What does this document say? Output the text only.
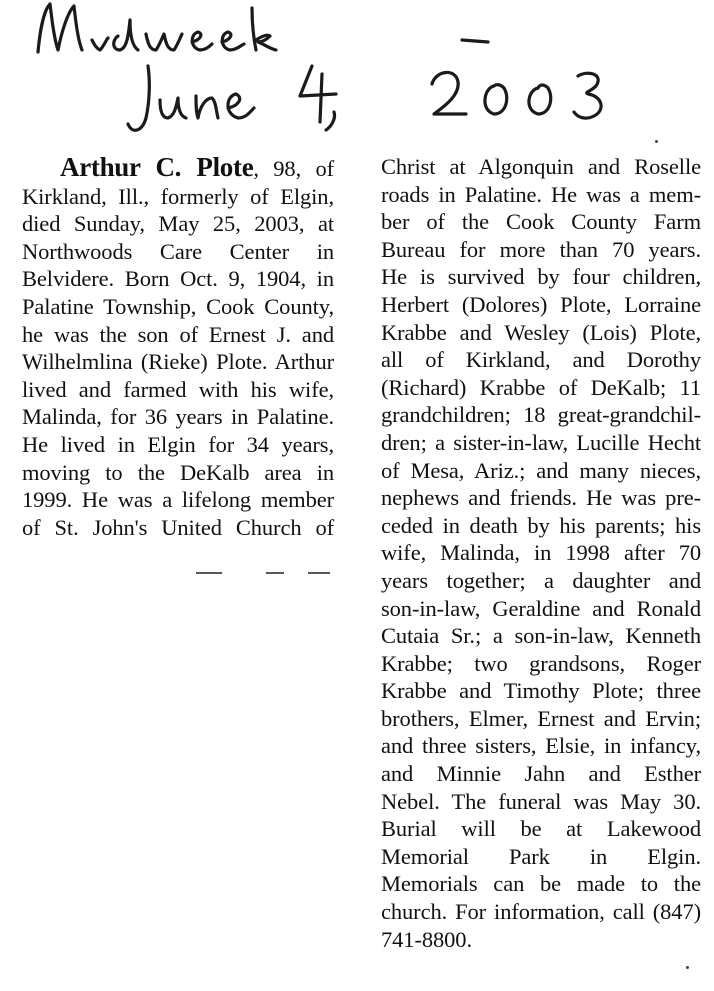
Arthur C. Plote, 98, of
Kirkland, Ill., formerly of Elgin,
died Sunday, May 25, 2003, at
Northwoods Care Center in
Belvidere. Born Oct. 9, 1904, in
Palatine Township, Cook County,
he was the son of Ernest J. and
Wilhelmlina (Rieke) Plote. Arthur
lived and farmed with his wife,
Malinda, for 36 years in Palatine.
He lived in Elgin for 34 years,
moving to the DeKalb area in
1999. He was a lifelong member
of St. John's United Church of
Christ at Algonquin and Roselle
roads in Palatine. He was a mem-
ber of the Cook County Farm
Bureau for more than 70 years.
He is survived by four children,
Herbert (Dolores) Plote, Lorraine
Krabbe and Wesley (Lois) Plote,
all of Kirkland, and Dorothy
(Richard) Krabbe of DeKalb; 11
grandchildren; 18 great-grandchil-
dren; a sister-in-law, Lucille Hecht
of Mesa, Ariz.; and many nieces,
nephews and friends. He was pre-
ceded in death by his parents; his
wife, Malinda, in 1998 after 70
years together; a daughter and
son-in-law, Geraldine and Ronald
Cutaia Sr.; a son-in-law, Kenneth
Krabbe; two grandsons, Roger
Krabbe and Timothy Plote; three
brothers, Elmer, Ernest and Ervin;
and three sisters, Elsie, in infancy,
and Minnie Jahn and Esther
Nebel. The funeral was May 30.
Burial will be at Lakewood
Memorial Park in Elgin.
Memorials can be made to the
church. For information, call (847)
741-8800.
